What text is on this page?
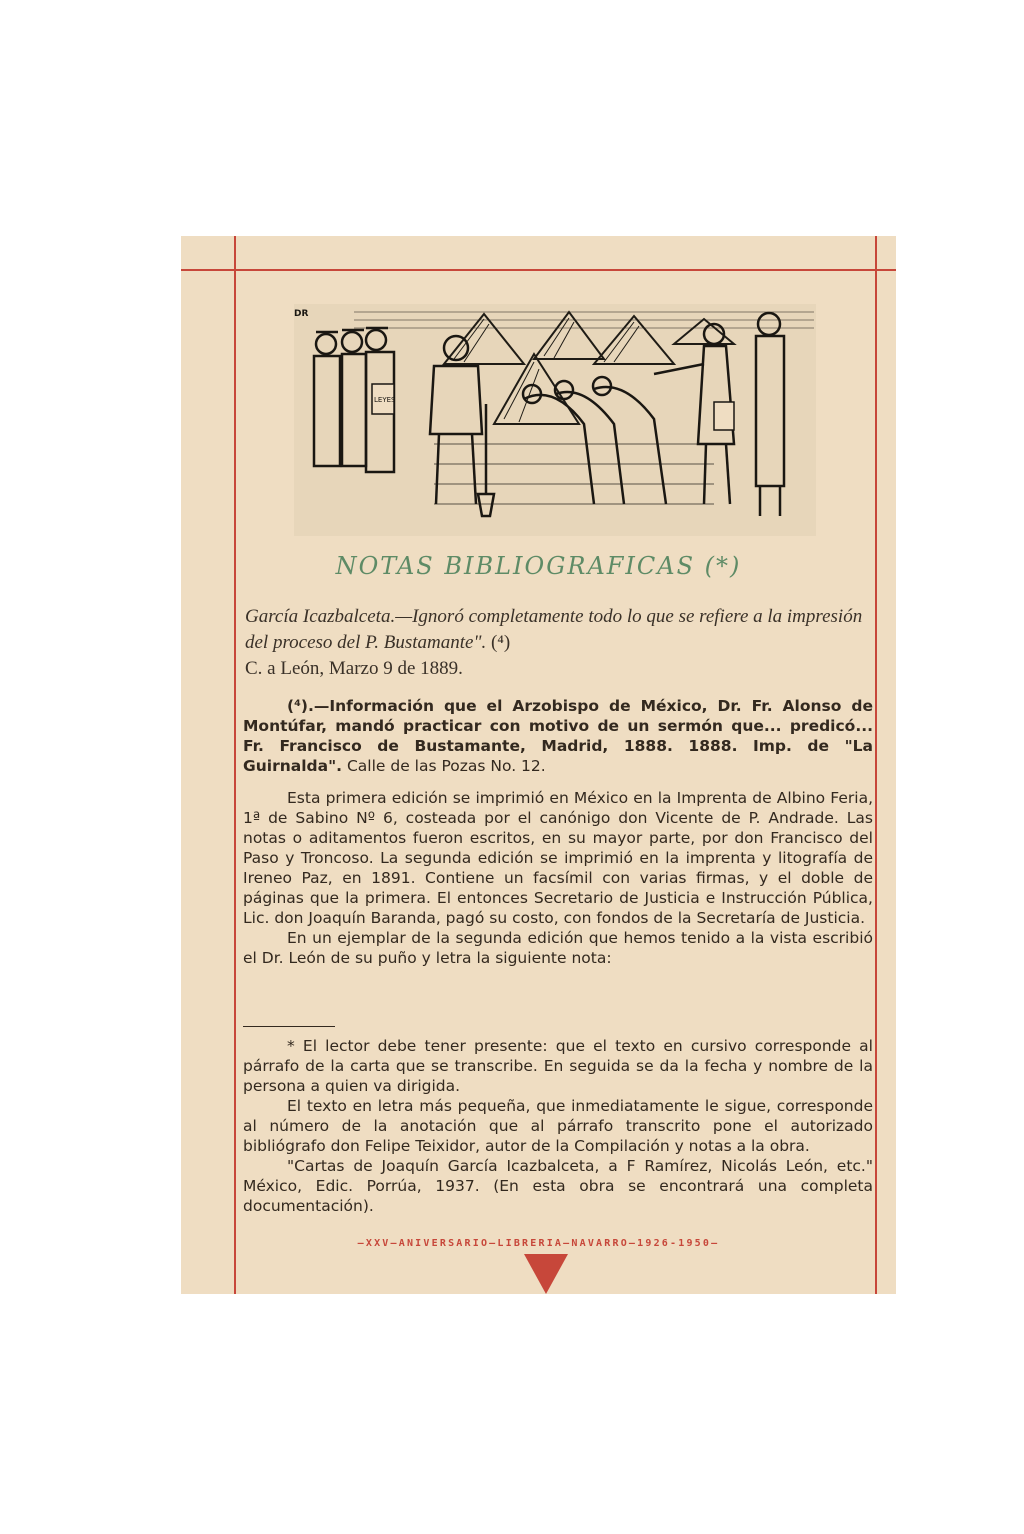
LEYES
DR
NOTAS BIBLIOGRAFICAS (*)
García Icazbalceta.—Ignoró completamente todo lo que se refiere a la impresión del proceso del P. Bustamante". (⁴)
C. a León, Marzo 9 de 1889.

(⁴).—Información que el Arzobispo de México, Dr. Fr. Alonso de Montúfar, mandó practicar con motivo de un sermón que... predicó... Fr. Francisco de Bustamante, Madrid, 1888. 1888. Imp. de "La Guirnalda". Calle de las Pozas No. 12.

Esta primera edición se imprimió en México en la Imprenta de Albino Feria, 1ª de Sabino Nº 6, costeada por el canónigo don Vicente de P. Andrade. Las notas o aditamentos fueron escritos, en su mayor parte, por don Francisco del Paso y Troncoso. La segunda edición se imprimió en la imprenta y litografía de Ireneo Paz, en 1891. Contiene un facsímil con varias firmas, y el doble de páginas que la primera. El entonces Secretario de Justicia e Instrucción Pública, Lic. don Joaquín Baranda, pagó su costo, con fondos de la Secretaría de Justicia.

En un ejemplar de la segunda edición que hemos tenido a la vista escribió el Dr. León de su puño y letra la siguiente nota:

* El lector debe tener presente: que el texto en cursivo corresponde al párrafo de la carta que se transcribe. En seguida se da la fecha y nombre de la persona a quien va dirigida.

El texto en letra más pequeña, que inmediatamente le sigue, corresponde al número de la anotación que al párrafo transcrito pone el autorizado bibliógrafo don Felipe Teixidor, autor de la Compilación y notas a la obra.

"Cartas de Joaquín García Icazbalceta, a F Ramírez, Nicolás León, etc." México, Edic. Porrúa, 1937. (En esta obra se encontrará una completa documentación).

—XXV—ANIVERSARIO—LIBRERIA—NAVARRO—1926-1950—
